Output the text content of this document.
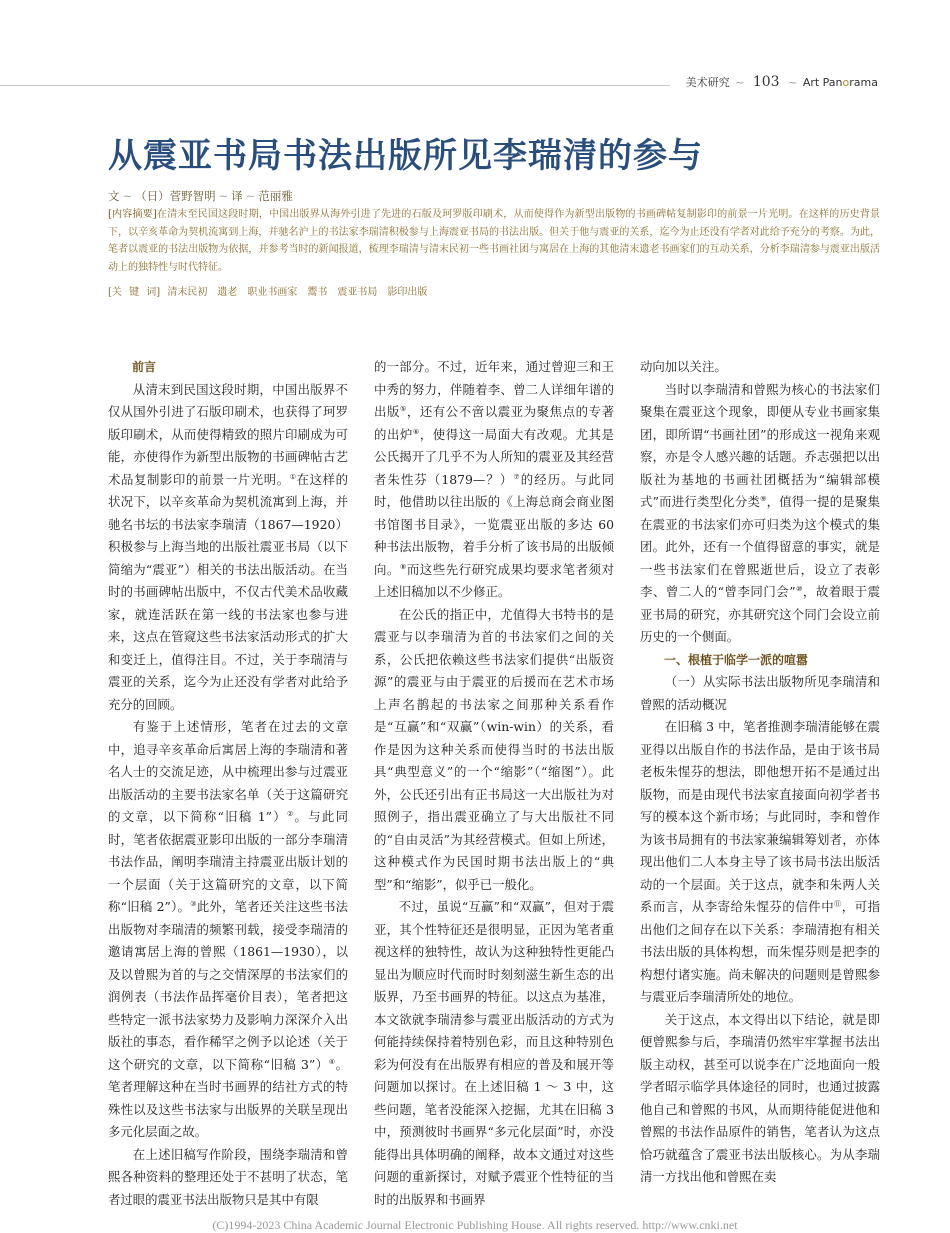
美术研究 ~ 103 ~ Art Panorama
从震亚书局书法出版所见李瑞清的参与
文 ~ （日）菅野智明 ~ 译 ~ 范丽雅
[内容摘要]在清末至民国这段时期，中国出版界从海外引进了先进的石版及珂罗版印刷术，从而使得作为新型出版物的书画碑帖复制影印的前景一片光明。在这样的历史背景下，以辛亥革命为契机流寓到上海，并驰名沪上的书法家李瑞清积极参与上海震亚书局的书法出版。但关于他与震亚的关系，迄今为止还没有学者对此给予充分的考察。为此，笔者以震亚的书法出版物为依据，并参考当时的新闻报道，梳理李瑞清与清末民初一些书画社团与寓居在上海的其他清末遗老书画家们的互动关系，分析李瑞清参与震亚出版活动上的独特性与时代特征。
[关 键 词] 清末民初　遗老　职业书画家　鬻书　震亚书局　影印出版

前言

从清末到民国这段时期，中国出版界不仅从国外引进了石版印刷术，也获得了珂罗版印刷术，从而使得精致的照片印刷成为可能，亦使得作为新型出版物的书画碑帖古艺术品复制影印的前景一片光明。①在这样的状况下，以辛亥革命为契机流寓到上海，并驰名书坛的书法家李瑞清（1867—1920）积极参与上海当地的出版社震亚书局（以下简缩为“震亚”）相关的书法出版活动。在当时的书画碑帖出版中，不仅古代美术品收藏家，就连活跃在第一线的书法家也参与进来，这点在管窥这些书法家活动形式的扩大和变迁上，值得注目。不过，关于李瑞清与震亚的关系，迄今为止还没有学者对此给予充分的回顾。

有鉴于上述情形，笔者在过去的文章中，追寻辛亥革命后寓居上海的李瑞清和著名人士的交流足迹，从中梳理出参与过震亚出版活动的主要书法家名单（关于这篇研究的文章，以下简称“旧稿 1”）②。与此同时，笔者依据震亚影印出版的一部分李瑞清书法作品，阐明李瑞清主持震亚出版计划的一个层面（关于这篇研究的文章，以下简称“旧稿 2”）。③此外，笔者还关注这些书法出版物对李瑞清的频繁刊载，接受李瑞清的邀请寓居上海的曾熙（1861—1930），以及以曾熙为首的与之交情深厚的书法家们的润例表（书法作品挥毫价目表），笔者把这些特定一派书法家势力及影响力深深介入出版社的事态，看作稀罕之例予以论述（关于这个研究的文章，以下简称“旧稿 3”）④。笔者理解这种在当时书画界的结社方式的特殊性以及这些书法家与出版界的关联呈现出多元化层面之故。

在上述旧稿写作阶段，围绕李瑞清和曾熙各种资料的整理还处于不甚明了状态，笔者过眼的震亚书法出版物只是其中有限

的一部分。不过，近年来，通过曾迎三和王中秀的努力，伴随着李、曾二人详细年谱的出版⑤，还有公不啻以震亚为聚焦点的专著的出炉⑥，使得这一局面大有改观。尤其是公氏揭开了几乎不为人所知的震亚及其经营者朱性芬（1879—？）⑦的经历。与此同时，他借助以往出版的《上海总商会商业图书馆图书目录》，一览震亚出版的多达 60 种书法出版物，着手分析了该书局的出版倾向。⑧而这些先行研究成果均要求笔者须对上述旧稿加以不少修正。

在公氏的指正中，尤值得大书特书的是震亚与以李瑞清为首的书法家们之间的关系，公氏把依赖这些书法家们提供“出版资源”的震亚与由于震亚的后援而在艺术市场上声名鹊起的书法家之间那种关系看作是“互赢”和“双赢”（win-win）的关系，看作是因为这种关系而使得当时的书法出版具“典型意义”的一个“缩影”（“缩图”）。此外，公氏还引出有正书局这一大出版社为对照例子，指出震亚确立了与大出版社不同的“自由灵活”为其经营模式。但如上所述，这种模式作为民国时期书法出版上的“典型”和“缩影”，似乎已一般化。

不过，虽说“互赢”和“双赢”，但对于震亚，其个性特征还是很明显，正因为笔者重视这样的独特性，故认为这种独特性更能凸显出为顺应时代而时时刻刻滋生新生态的出版界，乃至书画界的特征。以这点为基准，本文欲就李瑞清参与震亚出版活动的方式为何能持续保持着特别色彩，而且这种特别色彩为何没有在出版界有相应的普及和展开等问题加以探讨。在上述旧稿 1 ～ 3 中，这些问题，笔者没能深入挖掘，尤其在旧稿 3 中，预测彼时书画界“多元化层面”时，亦没能得出具体明确的阐释，故本文通过对这些问题的重新探讨，对赋予震亚个性特征的当时的出版界和书画界

动向加以关注。

当时以李瑞清和曾熙为核心的书法家们聚集在震亚这个现象，即便从专业书画家集团，即所谓“书画社团”的形成这一视角来观察，亦是令人感兴趣的话题。乔志强把以出版社为基地的书画社团概括为“编辑部模式”而进行类型化分类⑨，值得一提的是聚集在震亚的书法家们亦可归类为这个模式的集团。此外，还有一个值得留意的事实，就是一些书法家们在曾熙逝世后，设立了表彰李、曾二人的“曾李同门会”⑩，故着眼于震亚书局的研究，亦其研究这个同门会设立前历史的一个侧面。

一、根植于临学一派的喧嚣

（一）从实际书法出版物所见李瑞清和曾熙的活动概况

在旧稿 3 中，笔者推测李瑞清能够在震亚得以出版自作的书法作品，是由于该书局老板朱惺芬的想法，即他想开拓不是通过出版物，而是由现代书法家直接面向初学者书写的模本这个新市场；与此同时，李和曾作为该书局拥有的书法家兼编辑筹划者，亦体现出他们二人本身主导了该书局书法出版活动的一个层面。关于这点，就李和朱两人关系而言，从李寄给朱惺芬的信件中⑪，可指出他们之间存在以下关系：李瑞清抱有相关书法出版的具体构想，而朱惺芬则是把李的构想付诸实施。尚未解决的问题则是曾熙参与震亚后李瑞清所处的地位。

关于这点，本文得出以下结论，就是即便曾熙参与后，李瑞清仍然牢牢掌握书法出版主动权，甚至可以说李在广泛地面向一般学者昭示临学具体途径的同时，也通过披露他自己和曾熙的书风，从而期待能促进他和曾熙的书法作品原件的销售，笔者认为这点恰巧就蕴含了震亚书法出版核心。为从李瑞清一方找出他和曾熙在卖

(C)1994-2023 China Academic Journal Electronic Publishing House. All rights reserved. http://www.cnki.net
